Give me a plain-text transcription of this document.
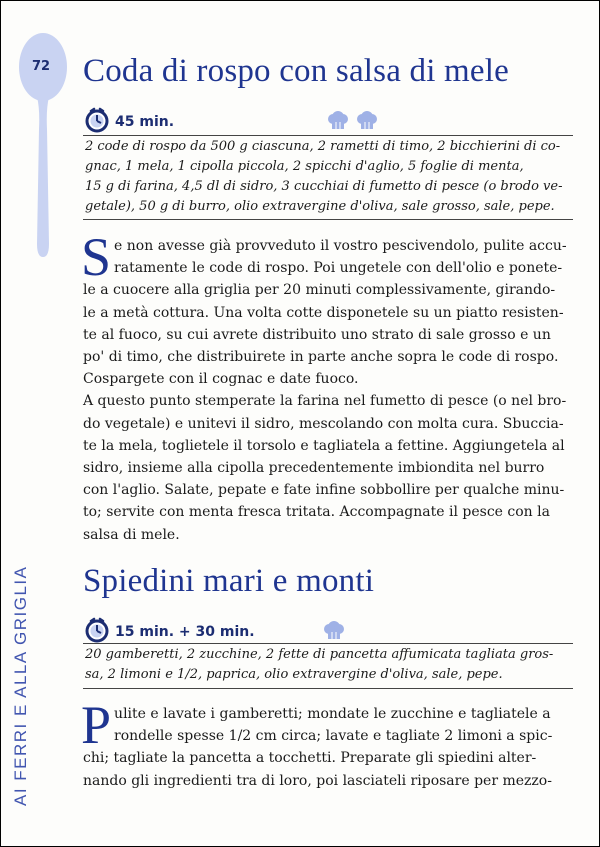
72
AI FERRI E ALLA GRIGLIA
Coda di rospo con salsa di mele
45 min.

2 code di rospo da 500 g ciascuna, 2 rametti di timo, 2 bicchierini di co-
gnac, 1 mela, 1 cipolla piccola, 2 spicchi d'aglio, 5 foglie di menta,
15 g di farina, 4,5 dl di sidro, 3 cucchiai di fumetto di pesce (o brodo ve-
getale), 50 g di burro, olio extravergine d'oliva, sale grosso, sale, pepe.
S e non avesse già provveduto il vostro pescivendolo, pulite accu-
ratamente le code di rospo. Poi ungetele con dell'olio e ponete-
le a cuocere alla griglia per 20 minuti complessivamente, girando-
le a metà cottura. Una volta cotte disponetele su un piatto resisten-
te al fuoco, su cui avrete distribuito uno strato di sale grosso e un
po' di timo, che distribuirete in parte anche sopra le code di rospo.
Cospargete con il cognac e date fuoco.
A questo punto stemperate la farina nel fumetto di pesce (o nel bro-
do vegetale) e unitevi il sidro, mescolando con molta cura. Sbuccia-
te la mela, toglietele il torsolo e tagliatela a fettine. Aggiungetela al
sidro, insieme alla cipolla precedentemente imbiondita nel burro
con l'aglio. Salate, pepate e fate infine sobbollire per qualche minu-
to; servite con menta fresca tritata. Accompagnate il pesce con la
salsa di mele.
Spiedini mari e monti
15 min. + 30 min.
20 gamberetti, 2 zucchine, 2 fette di pancetta affumicata tagliata gros-
sa, 2 limoni e 1/2, paprica, olio extravergine d'oliva, sale, pepe.
P ulite e lavate i gamberetti; mondate le zucchine e tagliatele a
rondelle spesse 1/2 cm circa; lavate e tagliate 2 limoni a spic-
chi; tagliate la pancetta a tocchetti. Preparate gli spiedini alter-
nando gli ingredienti tra di loro, poi lasciateli riposare per mezzo-
